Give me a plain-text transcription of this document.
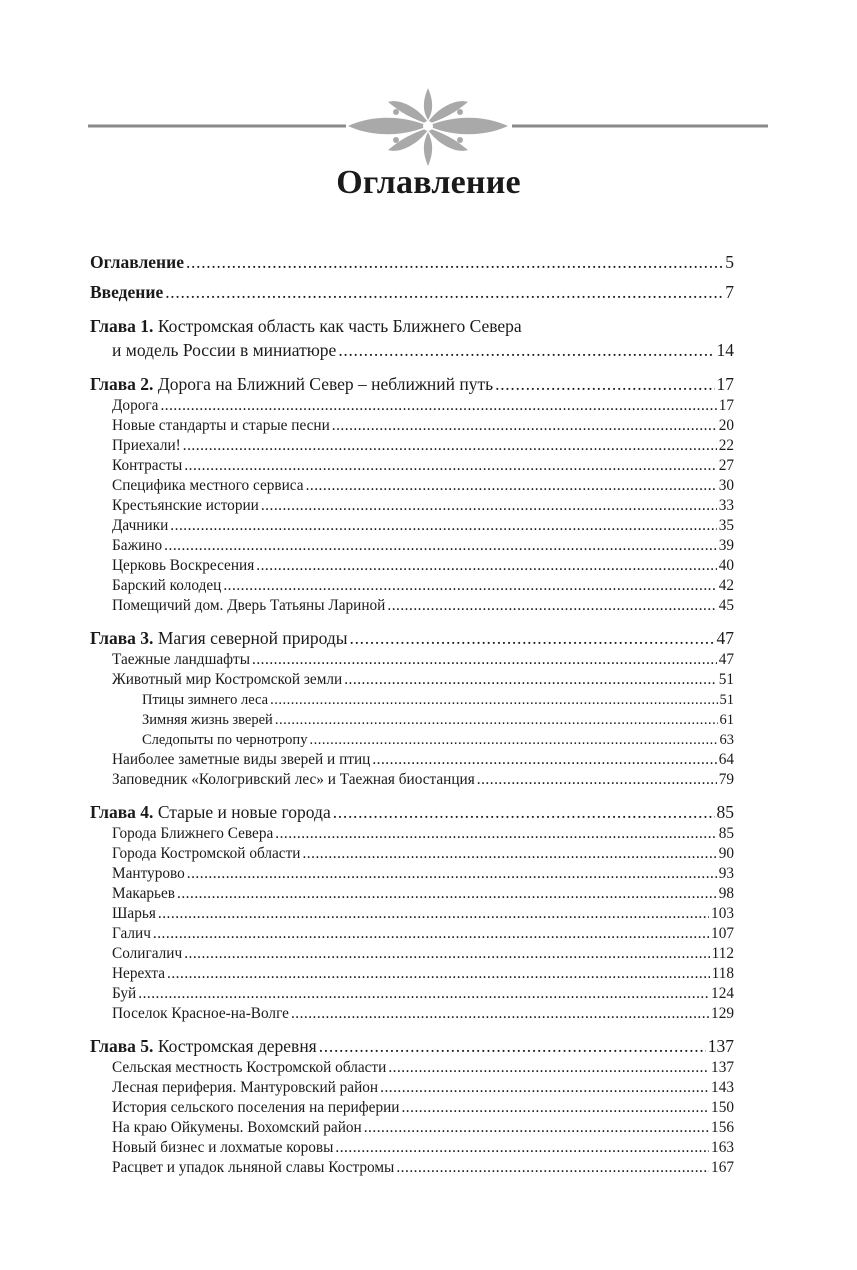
Оглавление
Оглавление .....	5
Введение .....	7
Глава 1. Костромская область как часть Ближнего Севера
и модель России в миниатюре .....	14
Глава 2. Дорога на Ближний Север – неближний путь .....	17
Дорога .....	17
Новые стандарты и старые песни .....	20
Приехали! .....	22
Контрасты .....	27
Специфика местного сервиса .....	30
Крестьянские истории .....	33
Дачники .....	35
Бажино .....	39
Церковь Воскресения .....	40
Барский колодец .....	42
Помещичий дом. Дверь Татьяны Лариной .....	45
Глава 3. Магия северной природы .....	47
Таежные ландшафты .....	47
Животный мир Костромской земли .....	51
Птицы зимнего леса .....	51
Зимняя жизнь зверей .....	61
Следопыты по чернотропу .....	63
Наиболее заметные виды зверей и птиц .....	64
Заповедник «Кологривский лес» и Таежная биостанция .....	79
Глава 4. Старые и новые города .....	85
Города Ближнего Севера .....	85
Города Костромской области .....	90
Мантурово .....	93
Макарьев .....	98
Шарья .....	103
Галич .....	107
Солигалич .....	112
Нерехта .....	118
Буй .....	124
Поселок Красное-на-Волге .....	129
Глава 5. Костромская деревня .....	137
Сельская местность Костромской области .....	137
Лесная периферия. Мантуровский район .....	143
История сельского поселения на периферии .....	150
На краю Ойкумены. Вохомский район .....	156
Новый бизнес и лохматые коровы .....	163
Расцвет и упадок льняной славы Костромы .....	167
